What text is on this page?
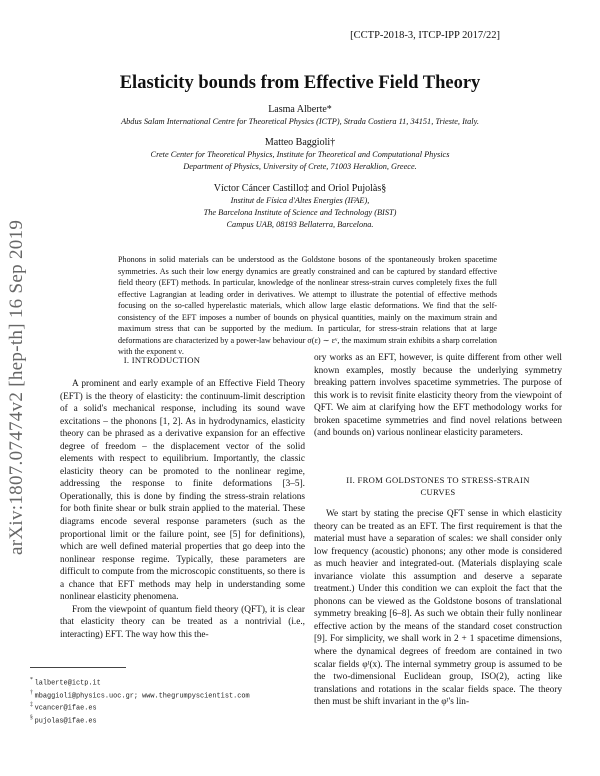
[CCTP-2018-3, ITCP-IPP 2017/22]
Elasticity bounds from Effective Field Theory
Lasma Alberte*
Abdus Salam International Centre for Theoretical Physics (ICTP), Strada Costiera 11, 34151, Trieste, Italy.
Matteo Baggioli†
Crete Center for Theoretical Physics, Institute for Theoretical and Computational Physics
Department of Physics, University of Crete, 71003 Heraklion, Greece.
Víctor Cáncer Castillo‡ and Oriol Pujolàs§
Institut de Física d'Altes Energies (IFAE),
The Barcelona Institute of Science and Technology (BIST)
Campus UAB, 08193 Bellaterra, Barcelona.
Phonons in solid materials can be understood as the Goldstone bosons of the spontaneously broken spacetime symmetries. As such their low energy dynamics are greatly constrained and can be captured by standard effective field theory (EFT) methods. In particular, knowledge of the nonlinear stress-strain curves completely fixes the full effective Lagrangian at leading order in derivatives. We attempt to illustrate the potential of effective methods focusing on the so-called hyperelastic materials, which allow large elastic deformations. We find that the self-consistency of the EFT imposes a number of bounds on physical quantities, mainly on the maximum strain and maximum stress that can be supported by the medium. In particular, for stress-strain relations that at large deformations are characterized by a power-law behaviour σ(ε) ∼ εᵛ, the maximum strain exhibits a sharp correlation with the exponent ν.
arXiv:1807.07474v2 [hep-th] 16 Sep 2019	I. INTRODUCTION

A prominent and early example of an Effective Field Theory (EFT) is the theory of elasticity: the continuum-limit description of a solid's mechanical response, including its sound wave excitations – the phonons [1, 2]. As in hydrodynamics, elasticity theory can be phrased as a derivative expansion for an effective degree of freedom – the displacement vector of the solid elements with respect to equilibrium. Importantly, the classic elasticity theory can be promoted to the nonlinear regime, addressing the response to finite deformations [3–5]. Operationally, this is done by finding the stress-strain relations for both finite shear or bulk strain applied to the material. These diagrams encode several response parameters (such as the proportional limit or the failure point, see [5] for definitions), which are well defined material properties that go deep into the nonlinear response regime. Typically, these parameters are difficult to compute from the microscopic constituents, so there is a chance that EFT methods may help in understanding some nonlinear elasticity phenomena.

From the viewpoint of quantum field theory (QFT), it is clear that elasticity theory can be treated as a nontrivial (i.e., interacting) EFT. The way how this the-

* lalberte@ictp.it
† mbaggioli@physics.uoc.gr; www.thegrumpyscientist.com
‡ vcancer@ifae.es
§ pujolas@ifae.es

ory works as an EFT, however, is quite different from other well known examples, mostly because the underlying symmetry breaking pattern involves spacetime symmetries. The purpose of this work is to revisit finite elasticity theory from the viewpoint of QFT. We aim at clarifying how the EFT methodology works for broken spacetime symmetries and find novel relations between (and bounds on) various nonlinear elasticity parameters.

II. FROM GOLDSTONES TO STRESS-STRAIN
CURVES

We start by stating the precise QFT sense in which elasticity theory can be treated as an EFT. The first requirement is that the material must have a separation of scales: we shall consider only low frequency (acoustic) phonons; any other mode is considered as much heavier and integrated-out. (Materials displaying scale invariance violate this assumption and deserve a separate treatment.) Under this condition we can exploit the fact that the phonons can be viewed as the Goldstone bosons of translational symmetry breaking [6–8]. As such we obtain their fully nonlinear effective action by the means of the standard coset construction [9]. For simplicity, we shall work in 2 + 1 spacetime dimensions, where the dynamical degrees of freedom are contained in two scalar fields φᴵ(x). The internal symmetry group is assumed to be the two-dimensional Euclidean group, ISO(2), acting like translations and rotations in the scalar fields space. The theory then must be shift invariant in the φᴵ's lin-
